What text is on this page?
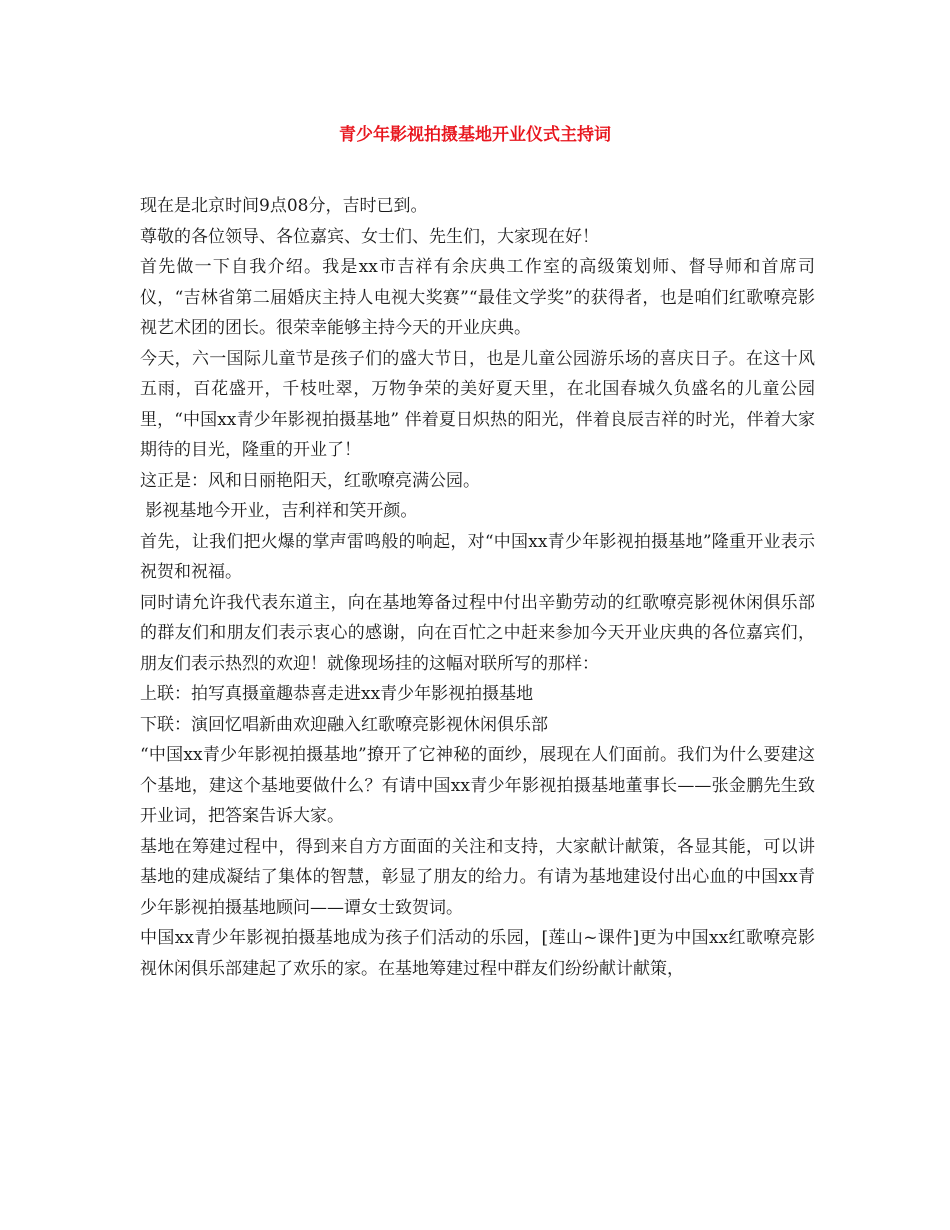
青少年影视拍摄基地开业仪式主持词

现在是北京时间9点08分，吉时已到。

尊敬的各位领导、各位嘉宾、女士们、先生们，大家现在好！

首先做一下自我介绍。我是xx市吉祥有余庆典工作室的高级策划师、督导师和首席司仪，“吉林省第二届婚庆主持人电视大奖赛”“最佳文学奖”的获得者，也是咱们红歌嘹亮影视艺术团的团长。很荣幸能够主持今天的开业庆典。

今天，六一国际儿童节是孩子们的盛大节日，也是儿童公园游乐场的喜庆日子。在这十风五雨，百花盛开，千枝吐翠，万物争荣的美好夏天里，在北国春城久负盛名的儿童公园里，“中国xx青少年影视拍摄基地” 伴着夏日炽热的阳光，伴着良辰吉祥的时光，伴着大家期待的目光，隆重的开业了！

这正是：风和日丽艳阳天，红歌嘹亮满公园。

影视基地今开业，吉利祥和笑开颜。

首先，让我们把火爆的掌声雷鸣般的响起，对“中国xx青少年影视拍摄基地”隆重开业表示祝贺和祝福。

同时请允许我代表东道主，向在基地筹备过程中付出辛勤劳动的红歌嘹亮影视休闲俱乐部的群友们和朋友们表示衷心的感谢，向在百忙之中赶来参加今天开业庆典的各位嘉宾们，朋友们表示热烈的欢迎！就像现场挂的这幅对联所写的那样：

上联：拍写真摄童趣恭喜走进xx青少年影视拍摄基地

下联：演回忆唱新曲欢迎融入红歌嘹亮影视休闲俱乐部

“中国xx青少年影视拍摄基地”撩开了它神秘的面纱，展现在人们面前。我们为什么要建这个基地，建这个基地要做什么？有请中国xx青少年影视拍摄基地董事长——张金鹏先生致开业词，把答案告诉大家。

基地在筹建过程中，得到来自方方面面的关注和支持，大家献计献策，各显其能，可以讲基地的建成凝结了集体的智慧，彰显了朋友的给力。有请为基地建设付出心血的中国xx青少年影视拍摄基地顾问——谭女士致贺词。

中国xx青少年影视拍摄基地成为孩子们活动的乐园，[莲山~课件]更为中国xx红歌嘹亮影视休闲俱乐部建起了欢乐的家。在基地筹建过程中群友们纷纷献计献策，
